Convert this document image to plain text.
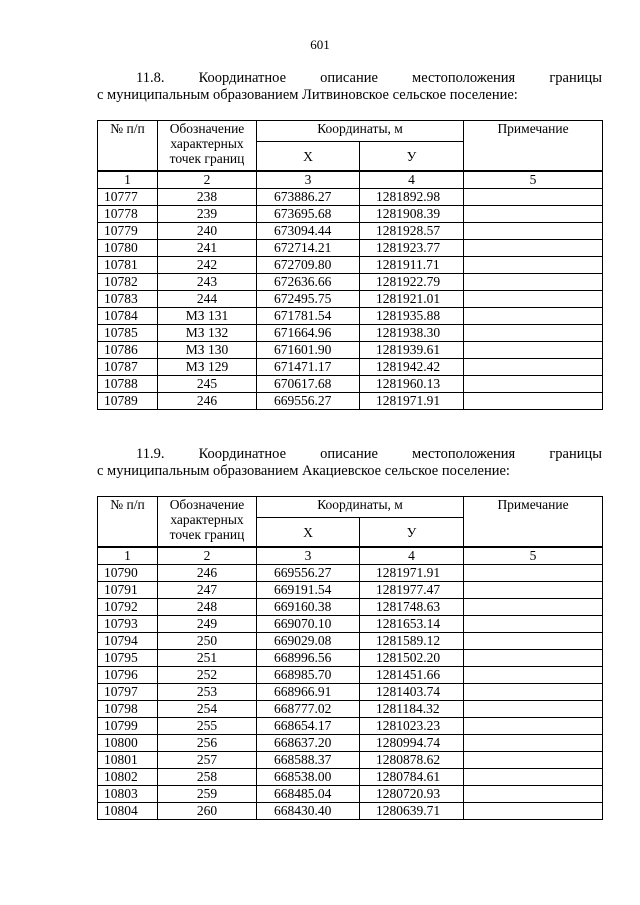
601
11.8. Координатное описание местоположения границы
с муниципальным образованием Литвиновское сельское поселение:
№ п/п	Обозначение характерных точек границ	Координаты, м		Примечание
		X	У	
1	2	3	4	5
10777	238	673886.27	1281892.98	
10778	239	673695.68	1281908.39	
10779	240	673094.44	1281928.57	
10780	241	672714.21	1281923.77	
10781	242	672709.80	1281911.71	
10782	243	672636.66	1281922.79	
10783	244	672495.75	1281921.01	
10784	МЗ 131	671781.54	1281935.88	
10785	МЗ 132	671664.96	1281938.30	
10786	МЗ 130	671601.90	1281939.61	
10787	МЗ 129	671471.17	1281942.42	
10788	245	670617.68	1281960.13	
10789	246	669556.27	1281971.91	
11.9. Координатное описание местоположения границы
с муниципальным образованием Акациевское сельское поселение:
№ п/п	Обозначение характерных точек границ	Координаты, м		Примечание
		X	У	
1	2	3	4	5
10790	246	669556.27	1281971.91	
10791	247	669191.54	1281977.47	
10792	248	669160.38	1281748.63	
10793	249	669070.10	1281653.14	
10794	250	669029.08	1281589.12	
10795	251	668996.56	1281502.20	
10796	252	668985.70	1281451.66	
10797	253	668966.91	1281403.74	
10798	254	668777.02	1281184.32	
10799	255	668654.17	1281023.23	
10800	256	668637.20	1280994.74	
10801	257	668588.37	1280878.62	
10802	258	668538.00	1280784.61	
10803	259	668485.04	1280720.93	
10804	260	668430.40	1280639.71	
